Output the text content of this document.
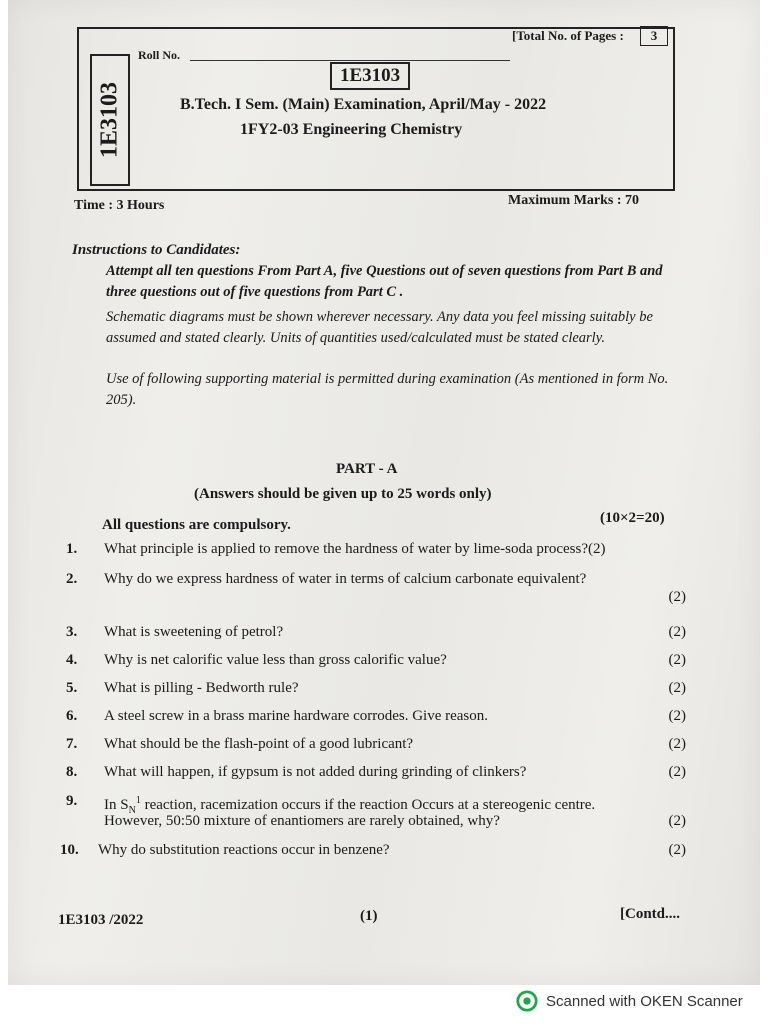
Roll No.
[Total No. of Pages :	3
1E3103
1E3103
B.Tech. I Sem. (Main) Examination, April/May - 2022
1FY2-03 Engineering Chemistry
Time : 3 Hours	Maximum Marks : 70
Instructions to Candidates:
Attempt all ten questions From Part A, five Questions out of seven questions from Part B and three questions out of five questions from Part C .
Schematic diagrams must be shown wherever necessary. Any data you feel missing suitably be assumed and stated clearly. Units of quantities used/calculated must be stated clearly.
Use of following supporting material is permitted during examination (As mentioned in form No. 205).
PART - A
(Answers should be given up to 25 words only)
All questions are compulsory.	(10×2=20)
1. What principle is applied to remove the hardness of water by lime-soda process?(2)
2. Why do we express hardness of water in terms of calcium carbonate equivalent?
(2)
3. What is sweetening of petrol?	(2)
4. Why is net calorific value less than gross calorific value?	(2)
5. What is pilling - Bedworth rule?	(2)
6. A steel screw in a brass marine hardware corrodes. Give reason.	(2)
7. What should be the flash-point of a good lubricant?	(2)
8. What will happen, if gypsum is not added during grinding of clinkers?	(2)
9. In $S_N^1$ reaction, racemization occurs if the reaction Occurs at a stereogenic centre.
However, 50:50 mixture of enantiomers are rarely obtained, why?	(2)
10. Why do substitution reactions occur in benzene?	(2)
1E3103 /2022	(1)	[Contd....
Scanned with OKEN Scanner
